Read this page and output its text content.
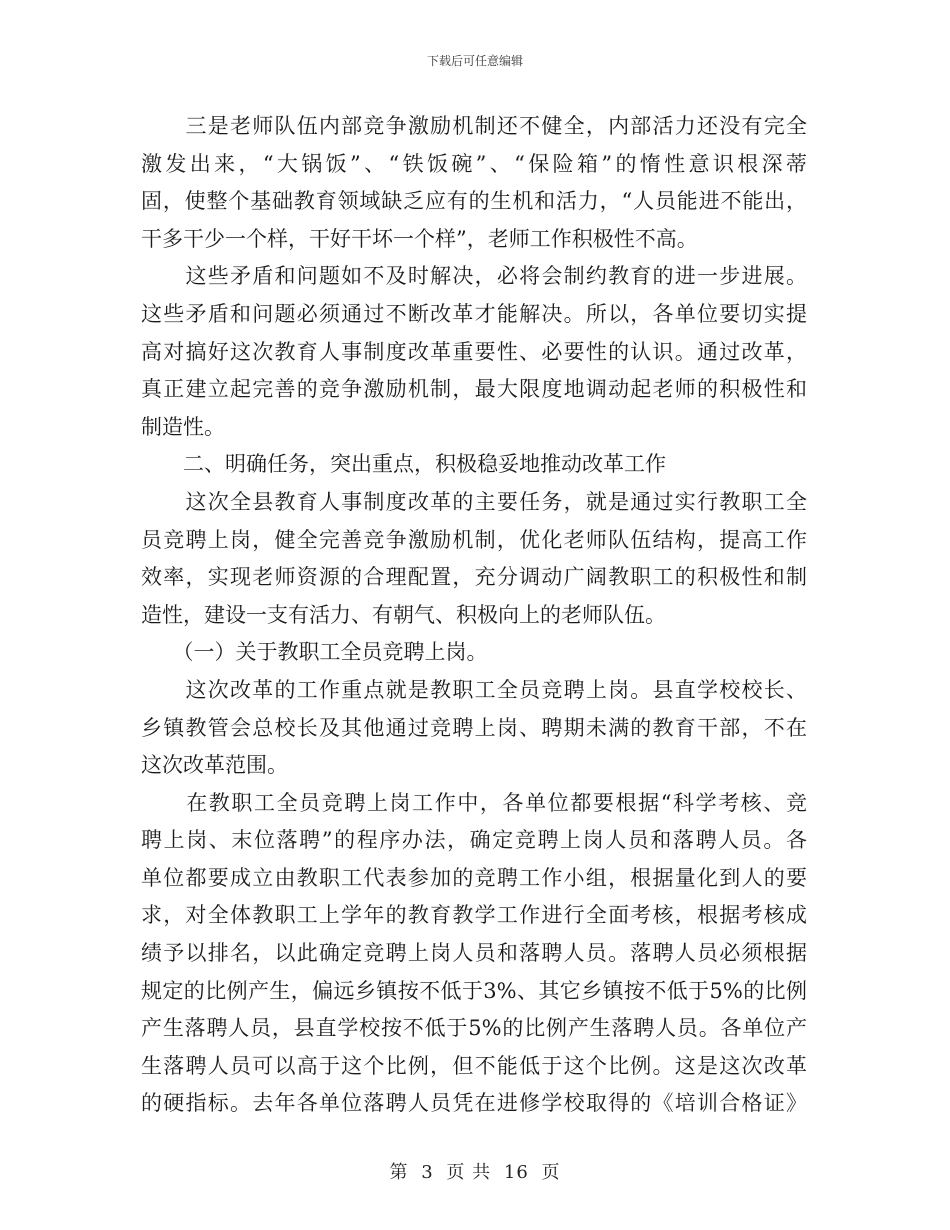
下载后可任意编辑
　　三是老师队伍内部竞争激励机制还不健全，内部活力还没有完全
激发出来，“大锅饭”、“铁饭碗”、“保险箱”的惰性意识根深蒂
固，使整个基础教育领域缺乏应有的生机和活力，“人员能进不能出，
干多干少一个样，干好干坏一个样”，老师工作积极性不高。
　　这些矛盾和问题如不及时解决，必将会制约教育的进一步进展。
这些矛盾和问题必须通过不断改革才能解决。所以，各单位要切实提
高对搞好这次教育人事制度改革重要性、必要性的认识。通过改革，
真正建立起完善的竞争激励机制，最大限度地调动起老师的积极性和
制造性。
　　二、明确任务，突出重点，积极稳妥地推动改革工作
　　这次全县教育人事制度改革的主要任务，就是通过实行教职工全
员竞聘上岗，健全完善竞争激励机制，优化老师队伍结构，提高工作
效率，实现老师资源的合理配置，充分调动广阔教职工的积极性和制
造性，建设一支有活力、有朝气、积极向上的老师队伍。
　　（一）关于教职工全员竞聘上岗。
　　这次改革的工作重点就是教职工全员竞聘上岗。县直学校校长、
乡镇教管会总校长及其他通过竞聘上岗、聘期未满的教育干部，不在
这次改革范围。
　　在教职工全员竞聘上岗工作中，各单位都要根据“科学考核、竞
聘上岗、末位落聘”的程序办法，确定竞聘上岗人员和落聘人员。各
单位都要成立由教职工代表参加的竞聘工作小组，根据量化到人的要
求，对全体教职工上学年的教育教学工作进行全面考核，根据考核成
绩予以排名，以此确定竞聘上岗人员和落聘人员。落聘人员必须根据
规定的比例产生，偏远乡镇按不低于3%、其它乡镇按不低于5%的比例
产生落聘人员，县直学校按不低于5%的比例产生落聘人员。各单位产
生落聘人员可以高于这个比例，但不能低于这个比例。这是这次改革
的硬指标。去年各单位落聘人员凭在进修学校取得的《培训合格证》
第 3 页 共 16 页
